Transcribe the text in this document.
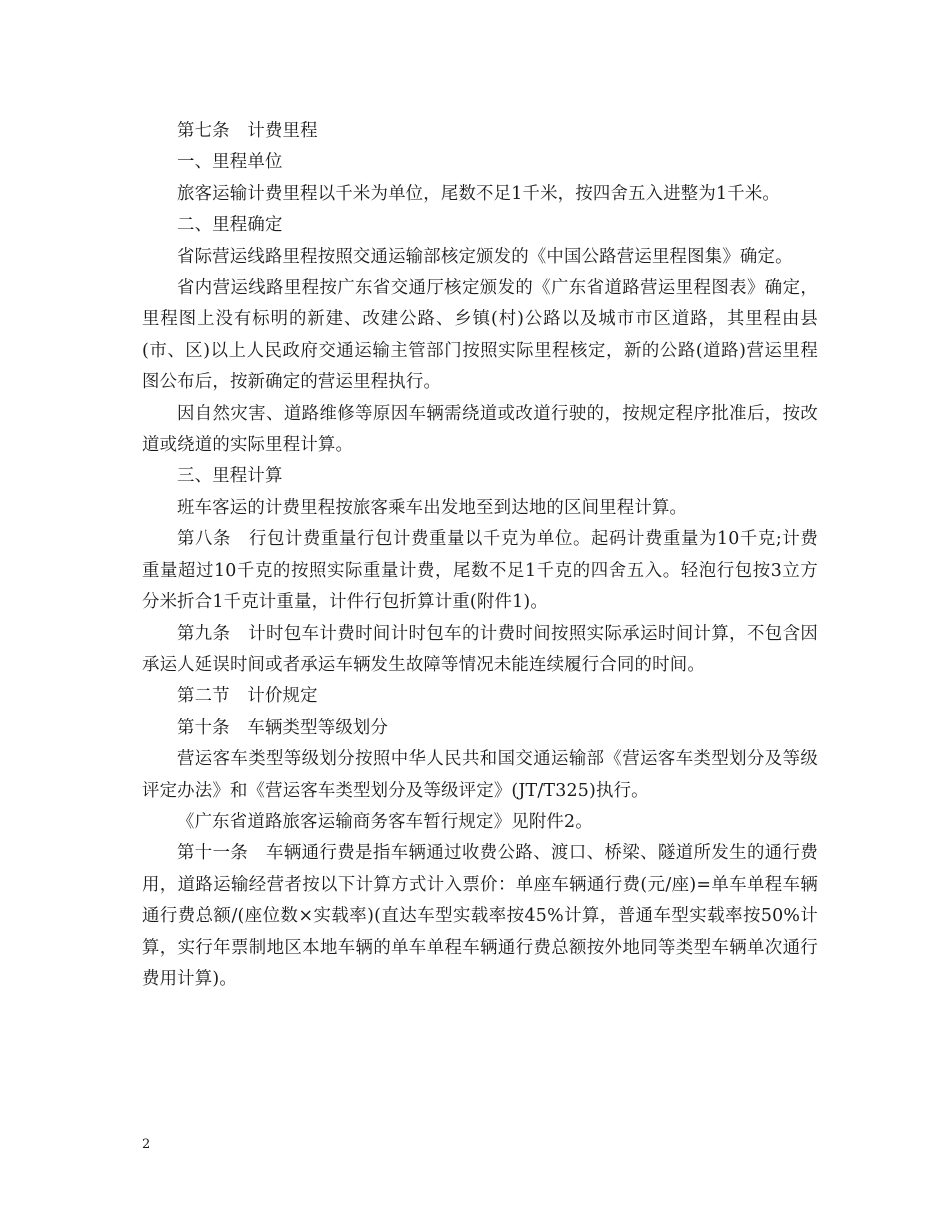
第七条　计费里程

一、里程单位

旅客运输计费里程以千米为单位，尾数不足1千米，按四舍五入进整为1千米。

二、里程确定

省际营运线路里程按照交通运输部核定颁发的《中国公路营运里程图集》确定。

省内营运线路里程按广东省交通厅核定颁发的《广东省道路营运里程图表》确定，里程图上没有标明的新建、改建公路、乡镇(村)公路以及城市市区道路，其里程由县(市、区)以上人民政府交通运输主管部门按照实际里程核定，新的公路(道路)营运里程图公布后，按新确定的营运里程执行。

因自然灾害、道路维修等原因车辆需绕道或改道行驶的，按规定程序批准后，按改道或绕道的实际里程计算。

三、里程计算

班车客运的计费里程按旅客乘车出发地至到达地的区间里程计算。

第八条　行包计费重量行包计费重量以千克为单位。起码计费重量为10千克;计费重量超过10千克的按照实际重量计费，尾数不足1千克的四舍五入。轻泡行包按3立方分米折合1千克计重量，计件行包折算计重(附件1)。

第九条　计时包车计费时间计时包车的计费时间按照实际承运时间计算，不包含因承运人延误时间或者承运车辆发生故障等情况未能连续履行合同的时间。

第二节　计价规定

第十条　车辆类型等级划分

营运客车类型等级划分按照中华人民共和国交通运输部《营运客车类型划分及等级评定办法》和《营运客车类型划分及等级评定》(JT/T325)执行。

《广东省道路旅客运输商务客车暂行规定》见附件2。

第十一条　车辆通行费是指车辆通过收费公路、渡口、桥梁、隧道所发生的通行费用，道路运输经营者按以下计算方式计入票价：单座车辆通行费(元/座)=单车单程车辆通行费总额/(座位数×实载率)(直达车型实载率按45%计算，普通车型实载率按50%计算，实行年票制地区本地车辆的单车单程车辆通行费总额按外地同等类型车辆单次通行费用计算)。

2
